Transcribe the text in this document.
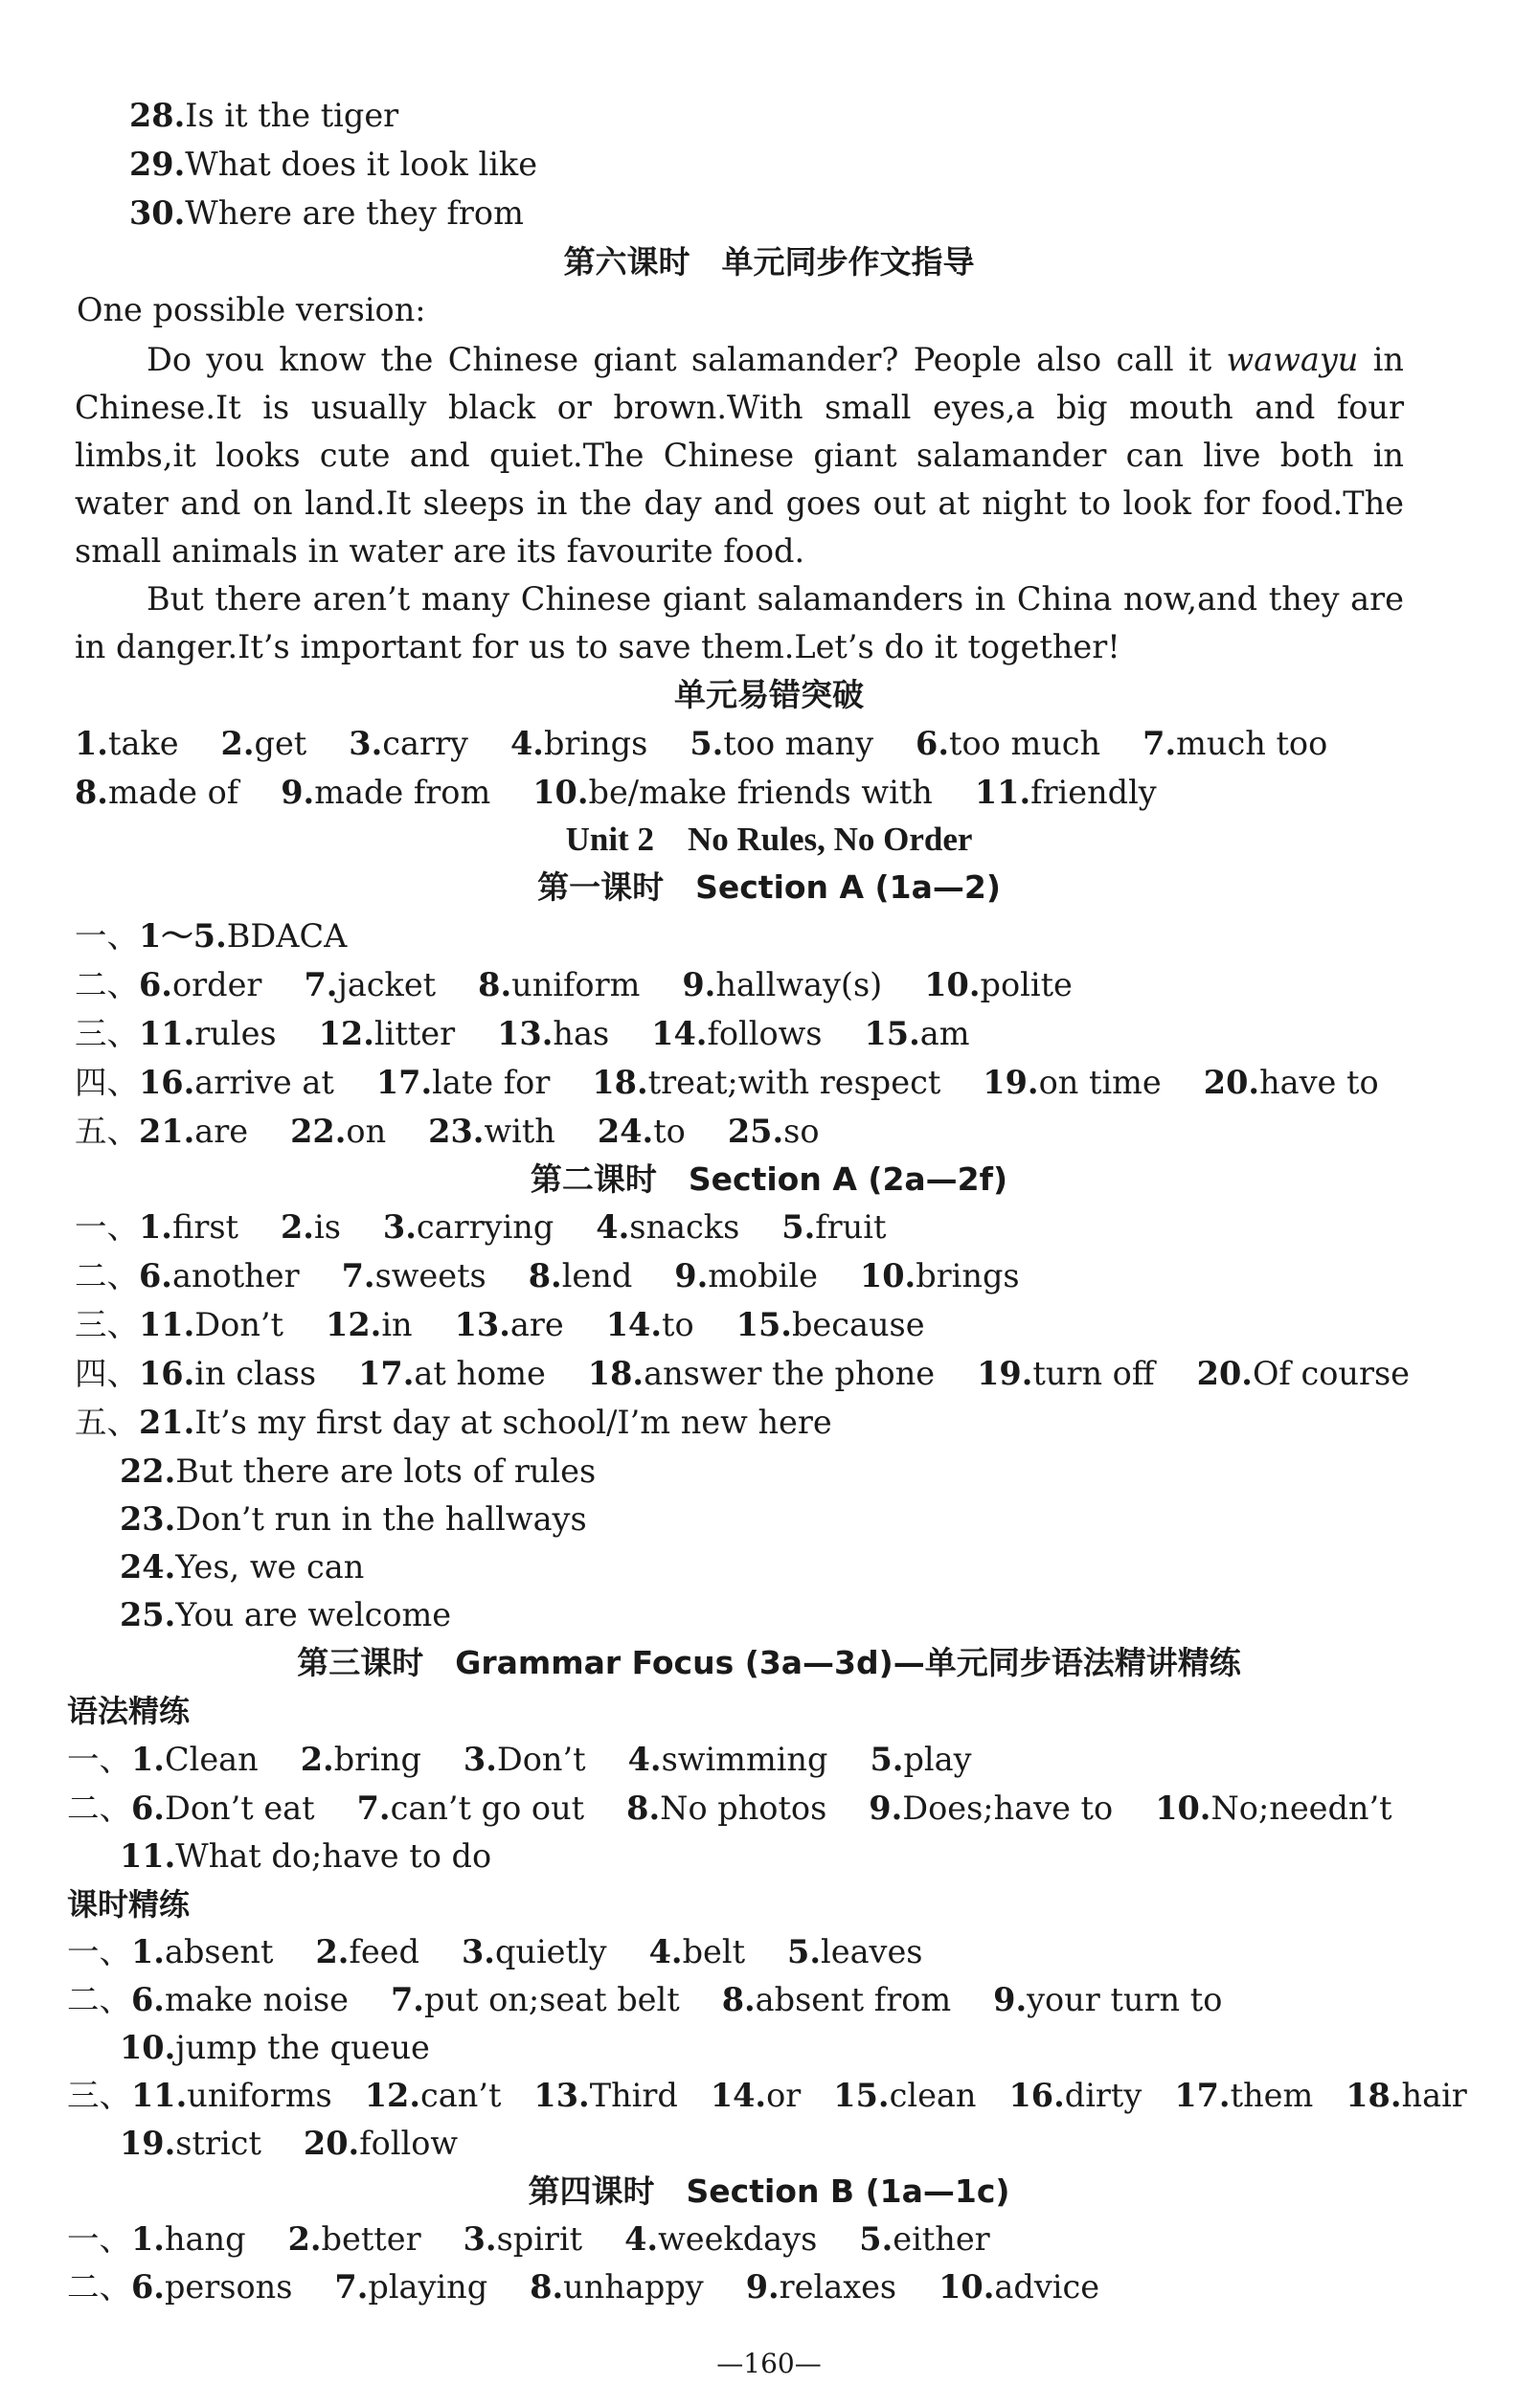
28.Is it the tiger
29.What does it look like
30.Where are they from
第六课时　单元同步作文指导
One possible version:

Do you know the Chinese giant salamander? People also call it wawayu in Chinese.It is usually black or brown.With small eyes,a big mouth and four limbs,it looks cute and quiet.The Chinese giant salamander can live both in water and on land.It sleeps in the day and goes out at night to look for food.The small animals in water are its favourite food.

But there aren’t many Chinese giant salamanders in China now,and they are in danger.It’s important for us to save them.Let’s do it together!

单元易错突破
1.take 2.get 3.carry 4.brings 5.too many 6.too much 7.much too
8.made of 9.made from 10.be/make friends with 11.friendly
Unit 2　No Rules, No Order
第一课时　Section A (1a—2)
一、1～5.BDACA
二、6.order 7.jacket 8.uniform 9.hallway(s) 10.polite
三、11.rules 12.litter 13.has 14.follows 15.am
四、16.arrive at 17.late for 18.treat;with respect 19.on time 20.have to
五、21.are 22.on 23.with 24.to 25.so
第二课时　Section A (2a—2f)
一、1.first 2.is 3.carrying 4.snacks 5.fruit
二、6.another 7.sweets 8.lend 9.mobile 10.brings
三、11.Don’t 12.in 13.are 14.to 15.because
四、16.in class 17.at home 18.answer the phone 19.turn off 20.Of course
五、21.It’s my first day at school/I’m new here
22.But there are lots of rules
23.Don’t run in the hallways
24.Yes, we can
25.You are welcome
第三课时　Grammar Focus (3a—3d)—单元同步语法精讲精练
语法精练
一、1.Clean 2.bring 3.Don’t 4.swimming 5.play
二、6.Don’t eat 7.can’t go out 8.No photos 9.Does;have to 10.No;needn’t
11.What do;have to do
课时精练
一、1.absent 2.feed 3.quietly 4.belt 5.leaves
二、6.make noise 7.put on;seat belt 8.absent from 9.your turn to
10.jump the queue
三、11.uniforms 12.can’t 13.Third 14.or 15.clean 16.dirty 17.them 18.hair
19.strict 20.follow
第四课时　Section B (1a—1c)
一、1.hang 2.better 3.spirit 4.weekdays 5.either
二、6.persons 7.playing 8.unhappy 9.relaxes 10.advice
—160—
